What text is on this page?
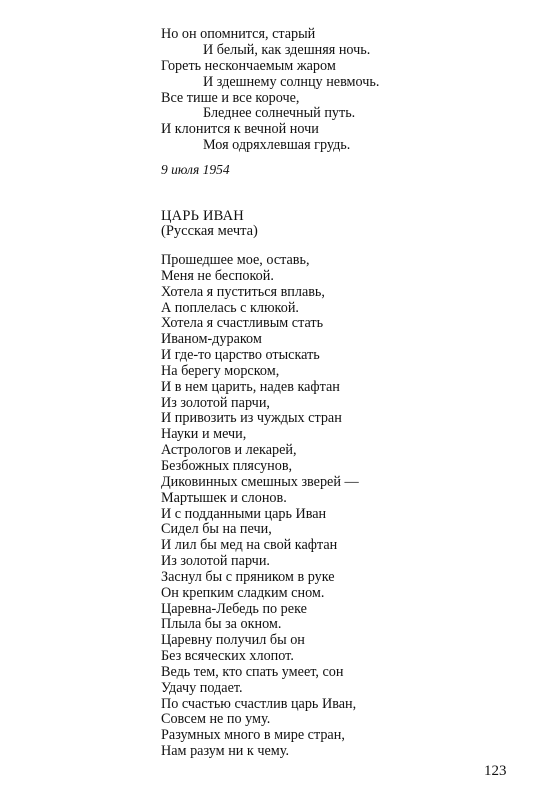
Но он опомнится, старый
И белый, как здешняя ночь.
Гореть нескончаемым жаром
И здешнему солнцу невмочь.
Все тише и все короче,
Бледнее солнечный путь.
И клонится к вечной ночи
Моя одряхлевшая грудь.
9 июля 1954
ЦАРЬ ИВАН
(Русская мечта)
Прошедшее мое, оставь,
Меня не беспокой.
Хотела я пуститься вплавь,
А поплелась с клюкой.
Хотела я счастливым стать
Иваном-дураком
И где-то царство отыскать
На берегу морском,
И в нем царить, надев кафтан
Из золотой парчи,
И привозить из чуждых стран
Науки и мечи,
Астрологов и лекарей,
Безбожных плясунов,
Диковинных смешных зверей —
Мартышек и слонов.
И с подданными царь Иван
Сидел бы на печи,
И лил бы мед на свой кафтан
Из золотой парчи.
Заснул бы с пряником в руке
Он крепким сладким сном.
Царевна-Лебедь по реке
Плыла бы за окном.
Царевну получил бы он
Без всяческих хлопот.
Ведь тем, кто спать умеет, сон
Удачу подает.
По счастью счастлив царь Иван,
Совсем не по уму.
Разумных много в мире стран,
Нам разум ни к чему.
123
